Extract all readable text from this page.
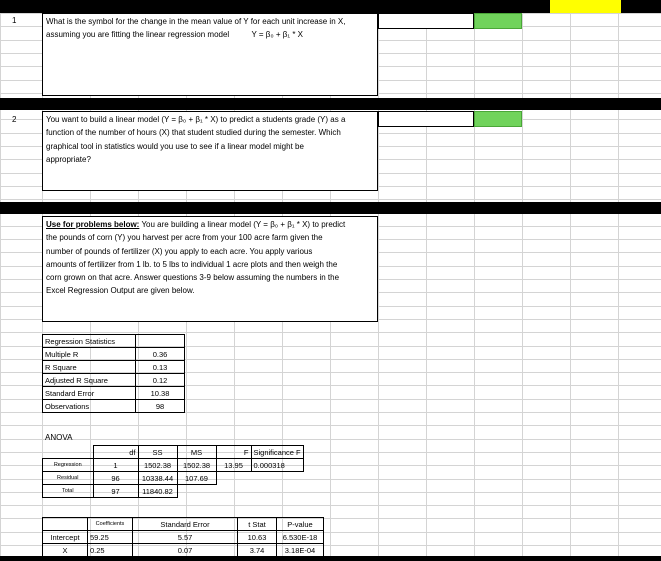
1
2
What is the symbol for the change in the mean value of Y for each unit increase in X,
assuming you are fitting the linear regression model	Y = β₀ + β₁ * X
You want to build a linear model (Y = β₀ + β₁ * X) to predict a students grade (Y) as a
function of the number of hours (X) that student studied during the semester. Which
graphical tool in statistics would you use to see if a linear model might be
appropriate?
Use for problems below: You are building a linear model (Y = β₀ + β₁ * X) to predict
the pounds of corn (Y) you harvest per acre from your 100 acre farm given the
number of pounds of fertilizer (X) you apply to each acre. You apply various
amounts of fertilizer from 1 lb. to 5 lbs to individual 1 acre plots and then weigh the
corn grown on that acre. Answer questions 3-9 below assuming the numbers in the
Excel Regression Output are given below.
Regression Statistics	
Multiple R	0.36
R Square	0.13
Adjusted R Square	0.12
Standard Error	10.38
Observations	98
ANOVA
	df	SS	MS	F	Significance F
Regression	1	1502.38	1502.38	13.95	0.000318
Residual	96	10338.44	107.69		
Total	97	11840.82			
	Coefficients	Standard Error	t Stat	P-value
Intercept	59.25	5.57	10.63	6.530E-18
X	0.25	0.07	3.74	3.18E-04
